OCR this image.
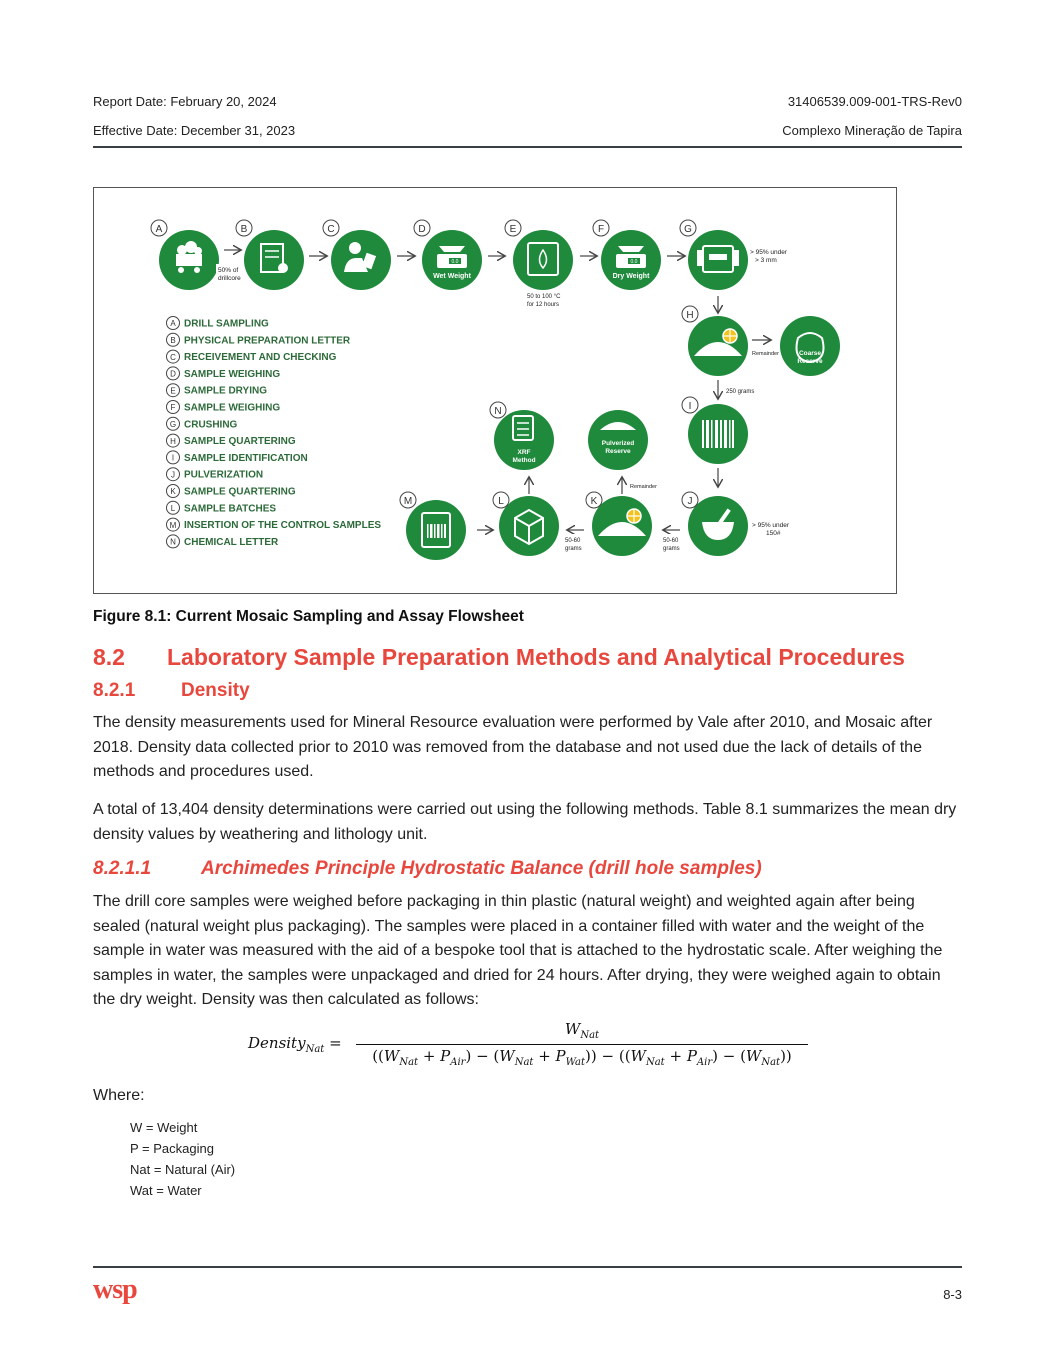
Report Date: February 20, 2024
Effective Date: December 31, 2023
31406539.009-001-TRS-Rev0
Complexo Mineração de Tapira
A
50% of
drillcore
B	C	D
0.0
Wet Weight
E
50 to 100 °C
for 12 hours
F
0.0
Dry Weight
G
> 95% under
> 3 mm
H
Remainder	Coarse
Reserve
250 grams
I
J
> 95% under
150#
50-60
grams
K
Remainder
Pulverized
Reserve
50-60
grams
L
N
XRF
Method
M
A DRILL SAMPLING
B PHYSICAL PREPARATION LETTER
C RECEIVEMENT AND CHECKING
D SAMPLE WEIGHING
E SAMPLE DRYING
F SAMPLE WEIGHING
G CRUSHING
H SAMPLE QUARTERING
I SAMPLE IDENTIFICATION
J PULVERIZATION
K SAMPLE QUARTERING
L SAMPLE BATCHES
M INSERTION OF THE CONTROL SAMPLES
N CHEMICAL LETTER
Figure 8.1: Current Mosaic Sampling and Assay Flowsheet
8.2 Laboratory Sample Preparation Methods and Analytical Procedures
8.2.1 Density
The density measurements used for Mineral Resource evaluation were performed by Vale after 2010, and Mosaic after 2018. Density data collected prior to 2010 was removed from the database and not used due the lack of details of the methods and procedures used.
A total of 13,404 density determinations were carried out using the following methods. Table 8.1 summarizes the mean dry density values by weathering and lithology unit.
8.2.1.1	Archimedes Principle Hydrostatic Balance (drill hole samples)
The drill core samples were weighed before packaging in thin plastic (natural weight) and weighted again after being sealed (natural weight plus packaging). The samples were placed in a container filled with water and the weight of the sample in water was measured with the aid of a bespoke tool that is attached to the hydrostatic scale. After weighing the samples in water, the samples were unpackaged and dried for 24 hours. After drying, they were weighed again to obtain the dry weight. Density was then calculated as follows:
Density$_{Nat}$ =
$W_{Nat}$
$((W_{Nat} + P_{Air}) - (W_{Nat} + P_{Wat})) - ((W_{Nat} + P_{Air}) - (W_{Nat}))$
Where:
W = Weight
P = Packaging
Nat = Natural (Air)
Wat = Water
wsp	8-3
